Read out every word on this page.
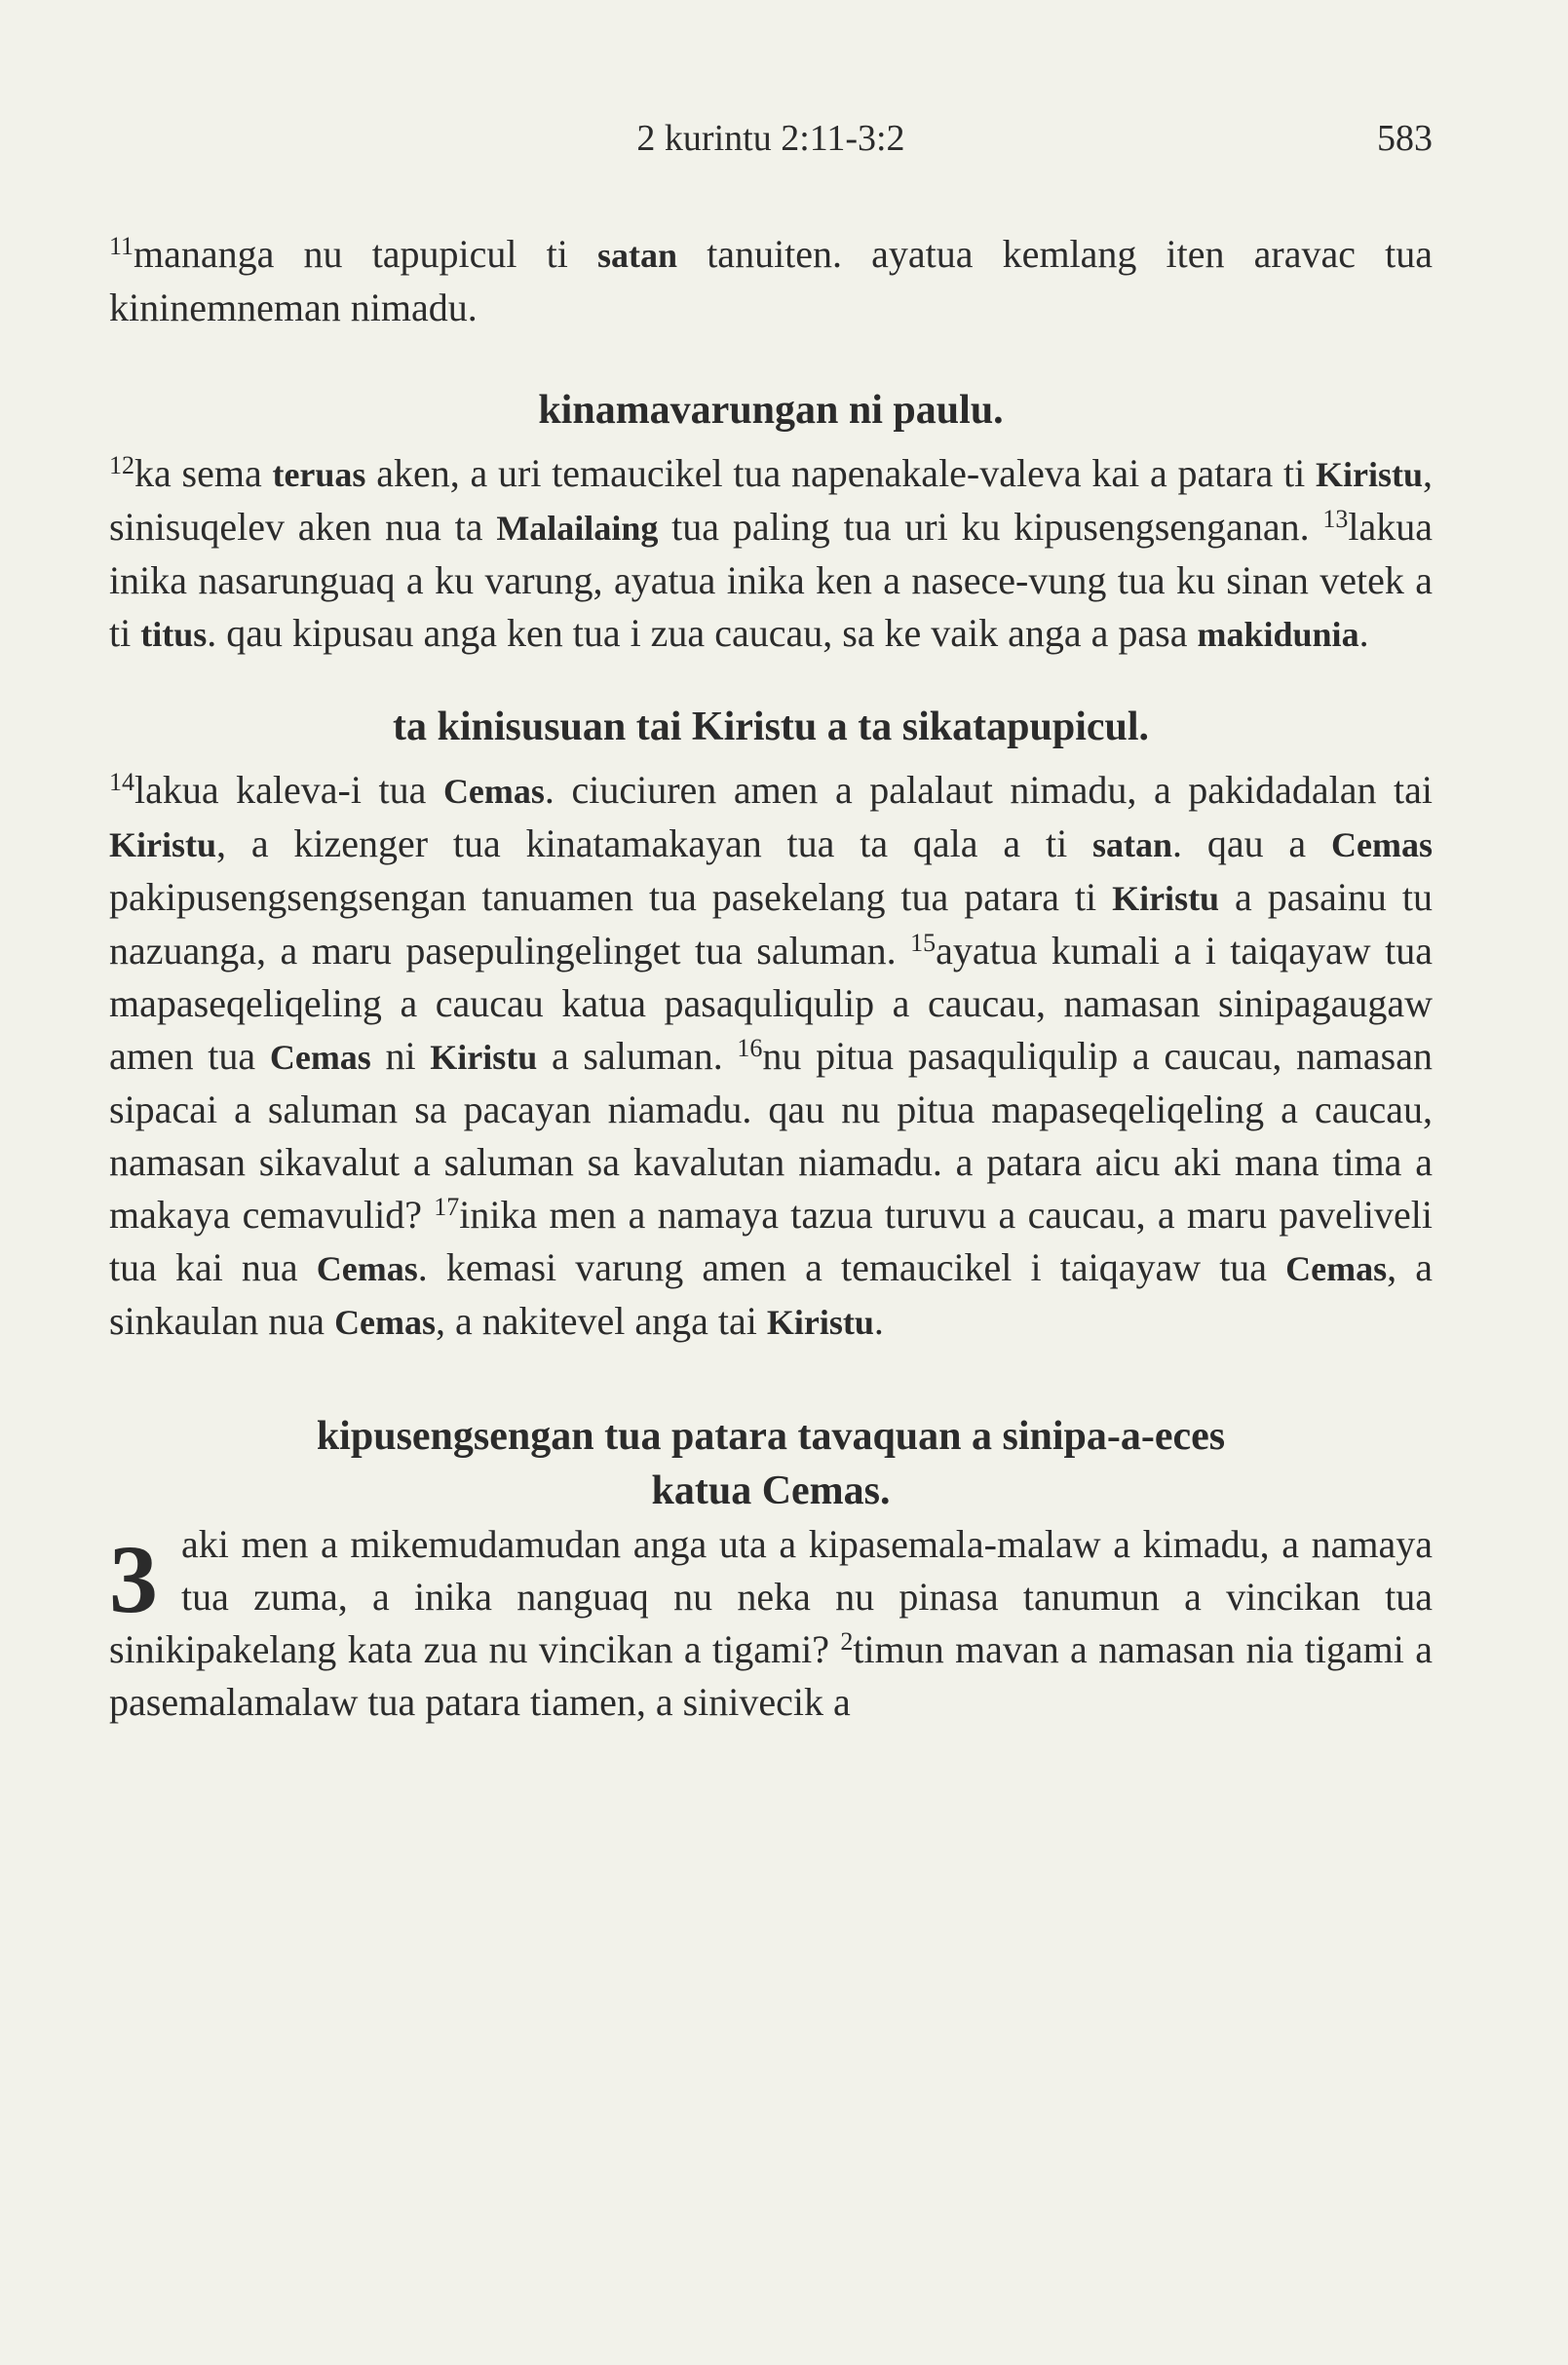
2 kurintu 2:11-3:2	583

$^{11}$mananga nu tapupicul ti satan tanuiten. ayatua kemlang iten aravac tua kininemneman nimadu.

kinamavarungan ni paulu.

$^{12}$ka sema teruas aken, a uri temaucikel tua napenakale-valeva kai a patara ti Kiristu, sinisuqelev aken nua ta Malailaing tua paling tua uri ku kipusengsenganan. $^{13}$lakua inika nasarunguaq a ku varung, ayatua inika ken a nasece-vung tua ku sinan vetek a ti titus. qau kipusau anga ken tua i zua caucau, sa ke vaik anga a pasa makidunia.

ta kinisusuan tai Kiristu a ta sikatapupicul.

$^{14}$lakua kaleva-i tua Cemas. ciuciuren amen a palalaut nimadu, a pakidadalan tai Kiristu, a kizenger tua kinatamakayan tua ta qala a ti satan. qau a Cemas pakipusengsengsengan tanuamen tua pasekelang tua patara ti Kiristu a pasainu tu nazuanga, a maru pasepulingelinget tua saluman. $^{15}$ayatua kumali a i taiqayaw tua mapaseqeliqeling a caucau katua pasaquliqulip a caucau, namasan sinipagaugaw amen tua Cemas ni Kiristu a saluman. $^{16}$nu pitua pasaquliqulip a caucau, namasan sipacai a saluman sa pacayan niamadu. qau nu pitua mapaseqeliqeling a caucau, namasan sikavalut a saluman sa kavalutan niamadu. a patara aicu aki mana tima a makaya cemavulid? $^{17}$inika men a namaya tazua turuvu a caucau, a maru paveliveli tua kai nua Cemas. kemasi varung amen a temaucikel i taiqayaw tua Cemas, a sinkaulan nua Cemas, a nakitevel anga tai Kiristu.

kipusengsengan tua patara tavaquan a sinipa-a-eces

katua Cemas.

3 aki men a mikemudamudan anga uta a kipasemala-malaw a kimadu, a namaya tua zuma, a inika nanguaq nu neka nu pinasa tanumun a vincikan tua sinikipakelang kata zua nu vincikan a tigami? $^2$timun mavan a namasan nia tigami a pasemalamalaw tua patara tiamen, a sinivecik a
